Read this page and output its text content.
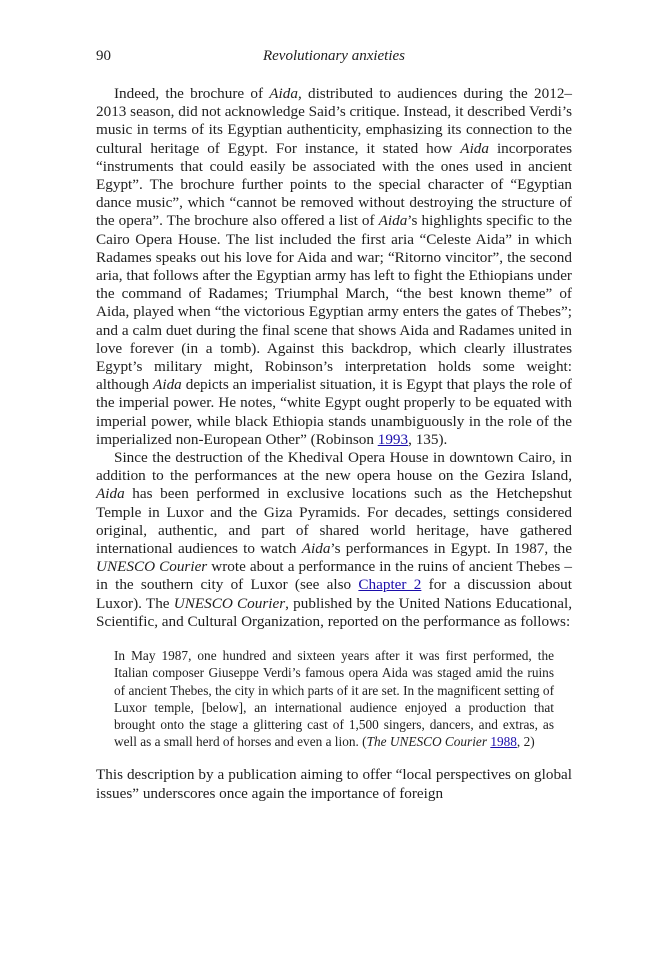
90	Revolutionary anxieties

Indeed, the brochure of Aida, distributed to audiences during the 2012–2013 season, did not acknowledge Said’s critique. Instead, it described Verdi’s music in terms of its Egyptian authenticity, emphasizing its connection to the cultural heritage of Egypt. For instance, it stated how Aida incorporates “instruments that could easily be associated with the ones used in ancient Egypt”. The brochure further points to the special character of “Egyptian dance music”, which “cannot be removed without destroying the structure of the opera”. The brochure also offered a list of Aida’s highlights specific to the Cairo Opera House. The list included the first aria “Celeste Aida” in which Radames speaks out his love for Aida and war; “Ritorno vincitor”, the second aria, that follows after the Egyptian army has left to fight the Ethiopians under the command of Radames; Triumphal March, “the best known theme” of Aida, played when “the victorious Egyptian army enters the gates of Thebes”; and a calm duet during the final scene that shows Aida and Radames united in love forever (in a tomb). Against this backdrop, which clearly illustrates Egypt’s military might, Robinson’s interpretation holds some weight: although Aida depicts an imperialist situation, it is Egypt that plays the role of the imperial power. He notes, “white Egypt ought properly to be equated with imperial power, while black Ethiopia stands unambiguously in the role of the imperialized non-European Other” (Robinson 1993, 135).

Since the destruction of the Khedival Opera House in downtown Cairo, in addition to the performances at the new opera house on the Gezira Island, Aida has been performed in exclusive locations such as the Hetchepshut Temple in Luxor and the Giza Pyramids. For decades, settings considered original, authentic, and part of shared world heritage, have gathered international audiences to watch Aida’s performances in Egypt. In 1987, the UNESCO Courier wrote about a performance in the ruins of ancient Thebes – in the southern city of Luxor (see also Chapter 2 for a discussion about Luxor). The UNESCO Courier, published by the United Nations Educational, Scientific, and Cultural Organization, reported on the performance as follows:

In May 1987, one hundred and sixteen years after it was first performed, the Italian composer Giuseppe Verdi’s famous opera Aida was staged amid the ruins of ancient Thebes, the city in which parts of it are set. In the magnificent setting of Luxor temple, [below], an international audience enjoyed a production that brought onto the stage a glittering cast of 1,500 singers, dancers, and extras, as well as a small herd of horses and even a lion. (The UNESCO Courier 1988, 2)

This description by a publication aiming to offer “local perspectives on global issues” underscores once again the importance of foreign
